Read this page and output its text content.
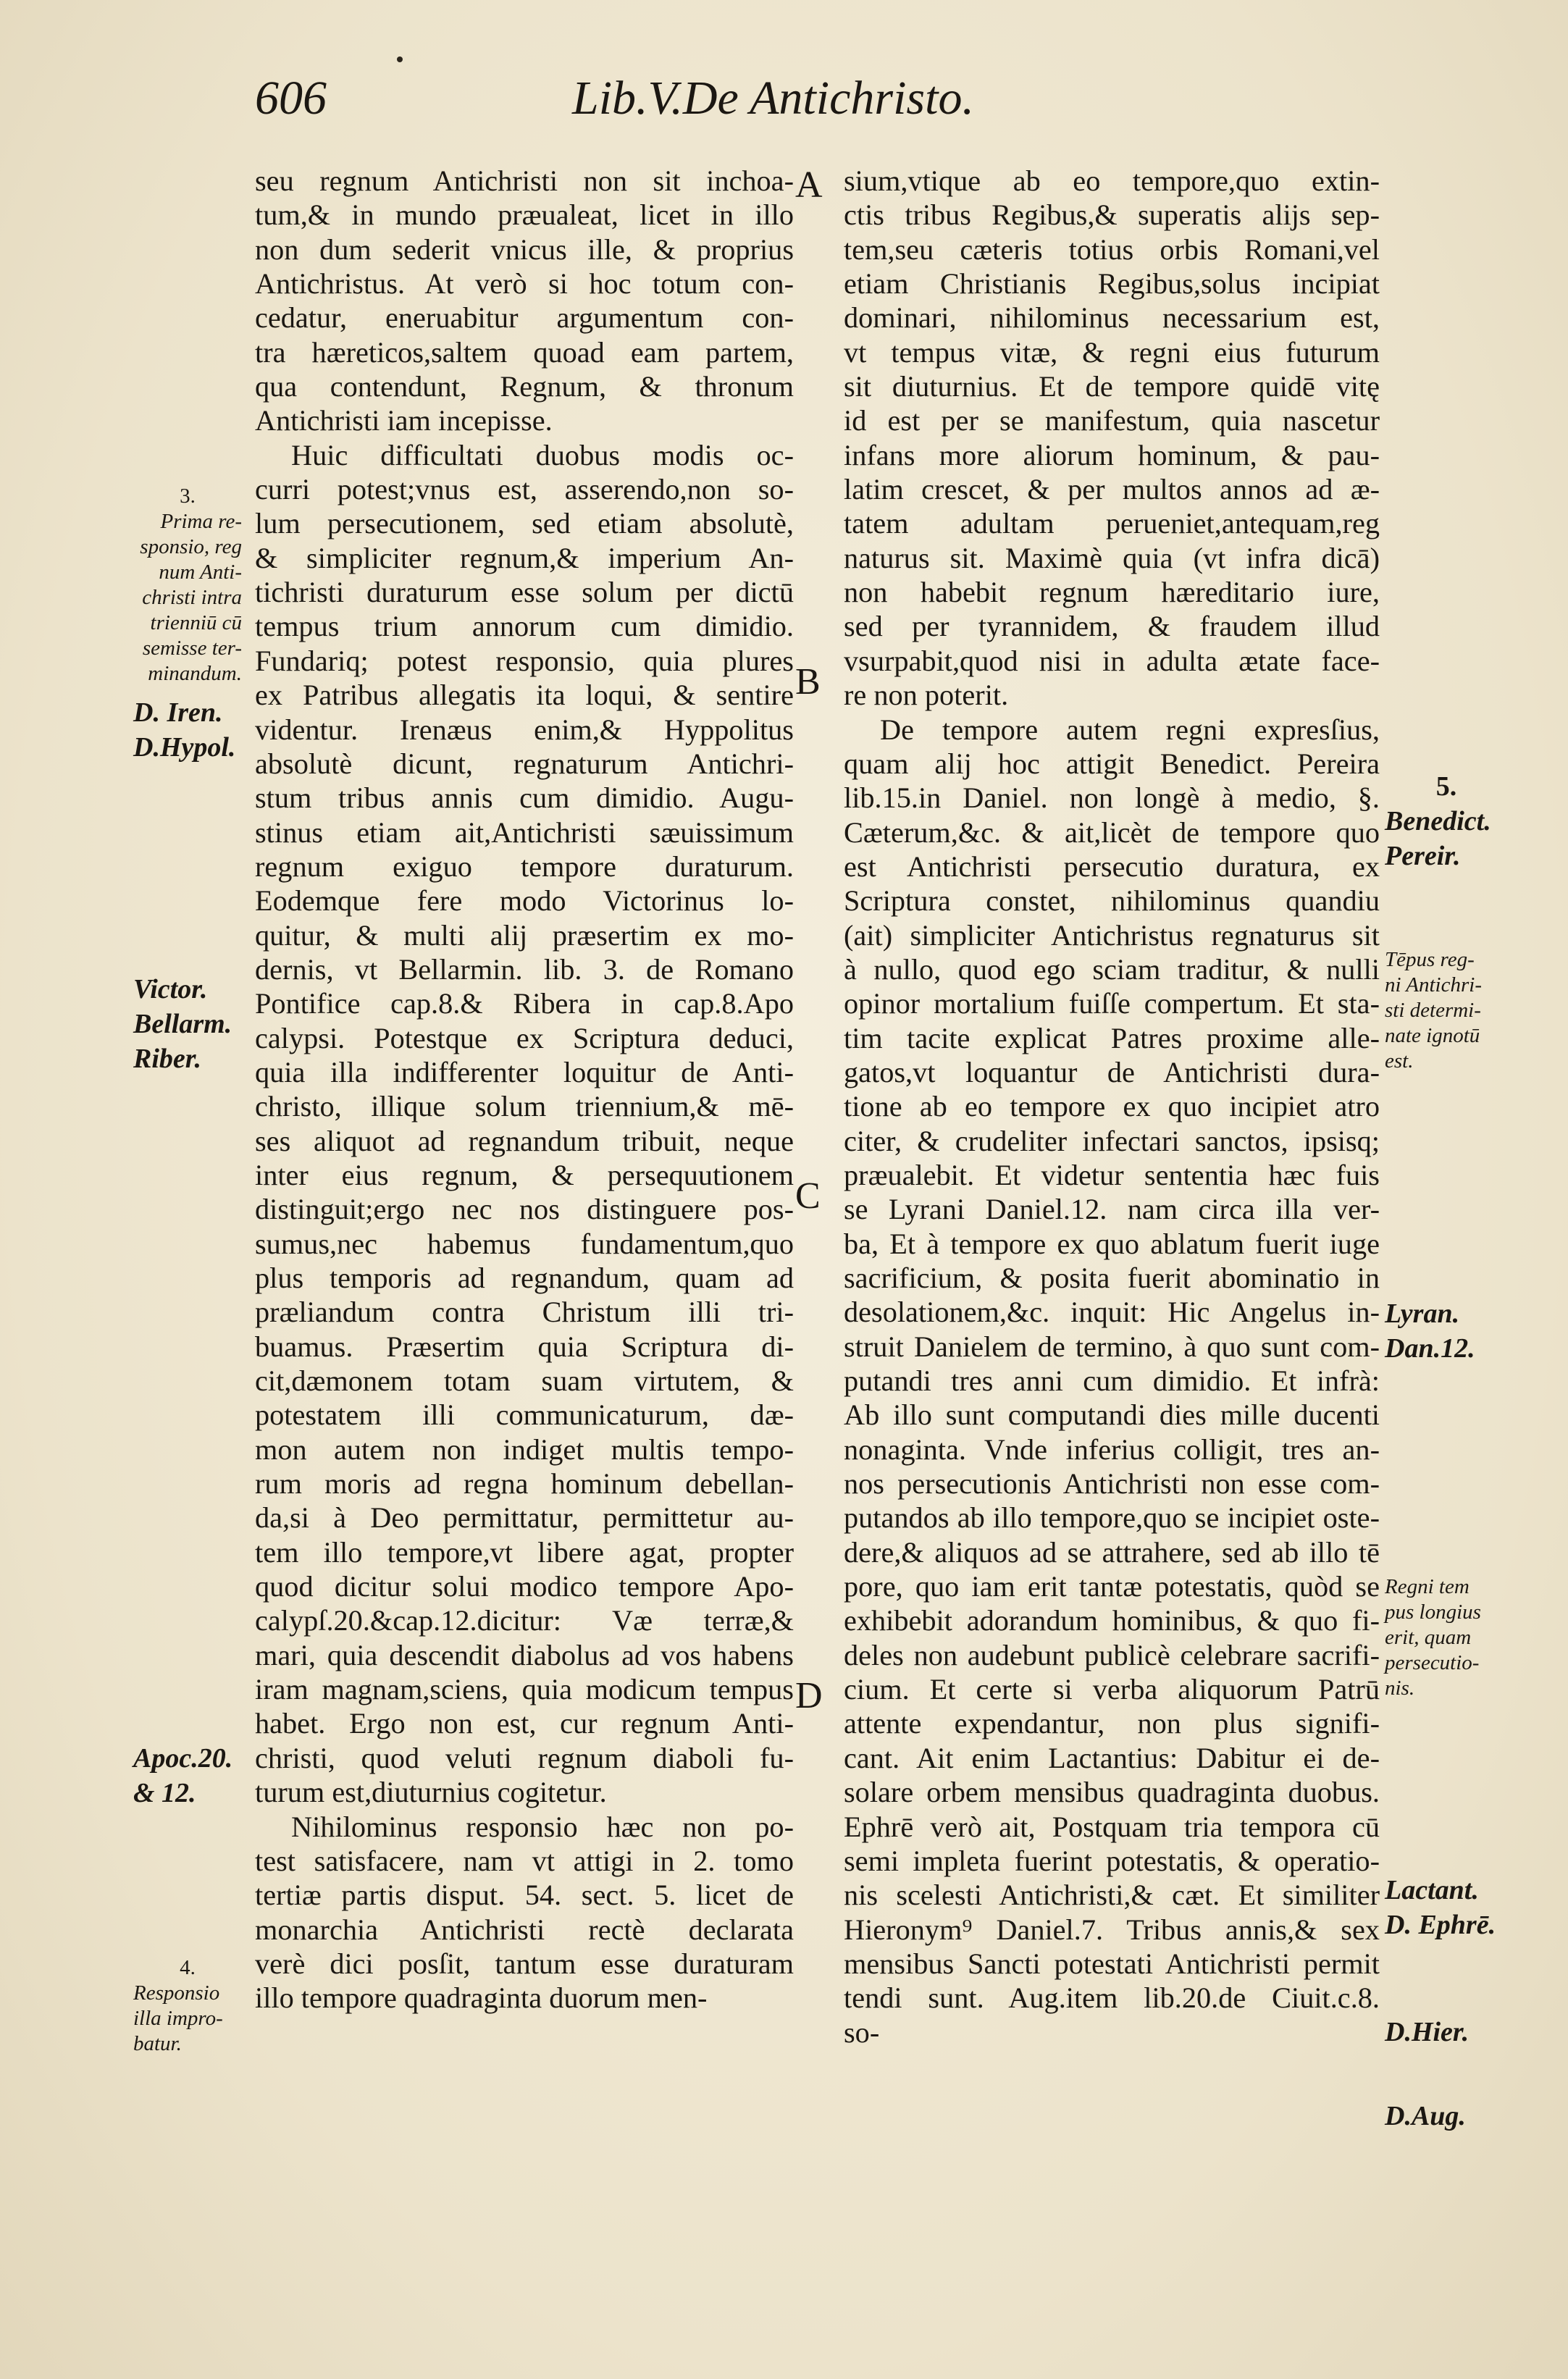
606	Lib.V.De Antichristo.
seu regnum Antichristi non sit inchoa-
tum,& in mundo præualeat, licet in illo
non dum sederit vnicus ille, & proprius
Antichristus. At verò si hoc totum con-
cedatur, eneruabitur argumentum con-
tra hæreticos,saltem quoad eam partem,
qua contendunt, Regnum, & thronum
Antichristi iam incepisse.
Huic difficultati duobus modis oc-
curri potest;vnus est, asserendo,non so-
lum persecutionem, sed etiam absolutè,
& simpliciter regnum,& imperium An-
tichristi duraturum esse solum per dictū
tempus trium annorum cum dimidio.
Fundariq; potest responsio, quia plures
ex Patribus allegatis ita loqui, & sentire
videntur. Irenæus enim,& Hyppolitus
absolutè dicunt, regnaturum Antichri-
stum tribus annis cum dimidio. Augu-
stinus etiam ait,Antichristi sæuissimum
regnum exiguo tempore duraturum.
Eodemque fere modo Victorinus lo-
quitur, & multi alij præsertim ex mo-
dernis, vt Bellarmin. lib. 3. de Romano
Pontifice cap.8.& Ribera in cap.8.Apo
calypsi. Potestque ex Scriptura deduci,
quia illa indifferenter loquitur de Anti-
christo, illique solum triennium,& mē-
ses aliquot ad regnandum tribuit, neque
inter eius regnum, & persequutionem
distinguit;ergo nec nos distinguere pos-
sumus,nec habemus fundamentum,quo
plus temporis ad regnandum, quam ad
præliandum contra Christum illi tri-
buamus. Præsertim quia Scriptura di-
cit,dæmonem totam suam virtutem, &
potestatem illi communicaturum, dæ-
mon autem non indiget multis tempo-
rum moris ad regna hominum debellan-
da,si à Deo permittatur, permittetur au-
tem illo tempore,vt libere agat, propter
quod dicitur solui modico tempore Apo-
calypſ.20.&cap.12.dicitur: Væ terræ,&
mari, quia descendit diabolus ad vos habens
iram magnam,sciens, quia modicum tempus
habet. Ergo non est, cur regnum Anti-
christi, quod veluti regnum diaboli fu-
turum est,diuturnius cogitetur.
Nihilominus responsio hæc non po-
test satisfacere, nam vt attigi in 2. tomo
tertiæ partis disput. 54. sect. 5. licet de
monarchia Antichristi rectè declarata
verè dici posſit, tantum esse duraturam
illo tempore quadraginta duorum men-
sium,vtique ab eo tempore,quo extin-
ctis tribus Regibus,& superatis alijs sep-
tem,seu cæteris totius orbis Romani,vel
etiam Christianis Regibus,solus incipiat
dominari, nihilominus necessarium est,
vt tempus vitæ, & regni eius futurum
sit diuturnius. Et de tempore quidē vitę
id est per se manifestum, quia nascetur
infans more aliorum hominum, & pau-
latim crescet, & per multos annos ad æ-
tatem adultam perueniet,antequam,reg
naturus sit. Maximè quia (vt infra dicā)
non habebit regnum hæreditario iure,
sed per tyrannidem, & fraudem illud
vsurpabit,quod nisi in adulta ætate face-
re non poterit.
De tempore autem regni expresſius,
quam alij hoc attigit Benedict. Pereira
lib.15.in Daniel. non longè à medio, §.
Cæterum,&c. & ait,licèt de tempore quo
est Antichristi persecutio duratura, ex
Scriptura constet, nihilominus quandiu
(ait) simpliciter Antichristus regnaturus sit
à nullo, quod ego sciam traditur, & nulli
opinor mortalium fuiſſe compertum. Et sta-
tim tacite explicat Patres proxime alle-
gatos,vt loquantur de Antichristi dura-
tione ab eo tempore ex quo incipiet atro
citer, & crudeliter infectari sanctos, ipsisq;
præualebit. Et videtur sententia hæc fuis
se Lyrani Daniel.12. nam circa illa ver-
ba, Et à tempore ex quo ablatum fuerit iuge
sacrificium, & posita fuerit abominatio in
desolationem,&c. inquit: Hic Angelus in-
struit Danielem de termino, à quo sunt com-
putandi tres anni cum dimidio. Et infrà:
Ab illo sunt computandi dies mille ducenti
nonaginta. Vnde inferius colligit, tres an-
nos persecutionis Antichristi non esse com-
putandos ab illo tempore,quo se incipiet oste-
dere,& aliquos ad se attrahere, sed ab illo tē
pore, quo iam erit tantæ potestatis, quòd se
exhibebit adorandum hominibus, & quo fi-
deles non audebunt publicè celebrare sacrifi-
cium. Et certe si verba aliquorum Patrū
attente expendantur, non plus signifi-
cant. Ait enim Lactantius: Dabitur ei de-
solare orbem mensibus quadraginta duobus.
Ephrē verò ait, Postquam tria tempora cū
semi impleta fuerint potestatis, & operatio-
nis scelesti Antichristi,& cæt. Et similiter
Hieronym⁹ Daniel.7. Tribus annis,& sex
mensibus Sancti potestati Antichristi permit
tendi sunt. Aug.item lib.20.de Ciuit.c.8.
so-
A
B
C
D
3.
Prima re-
sponsio, reg
num Anti-
christi intra
trienniū cū
semisse ter-
minandum.
D. Iren.
D.Hypol.
Victor.
Bellarm.
Riber.
Apoc.20.
& 12.
4.
Responsio
illa impro-
batur.
5.
Benedict.
Pereir.
Tēpus reg-
ni Antichri-
sti determi-
nate ignotū
est.
Lyran.
Dan.12.
Regni tem
pus longius
erit, quam
persecutio-
nis.
Lactant.
D. Ephrē.
D.Hier.
D.Aug.
